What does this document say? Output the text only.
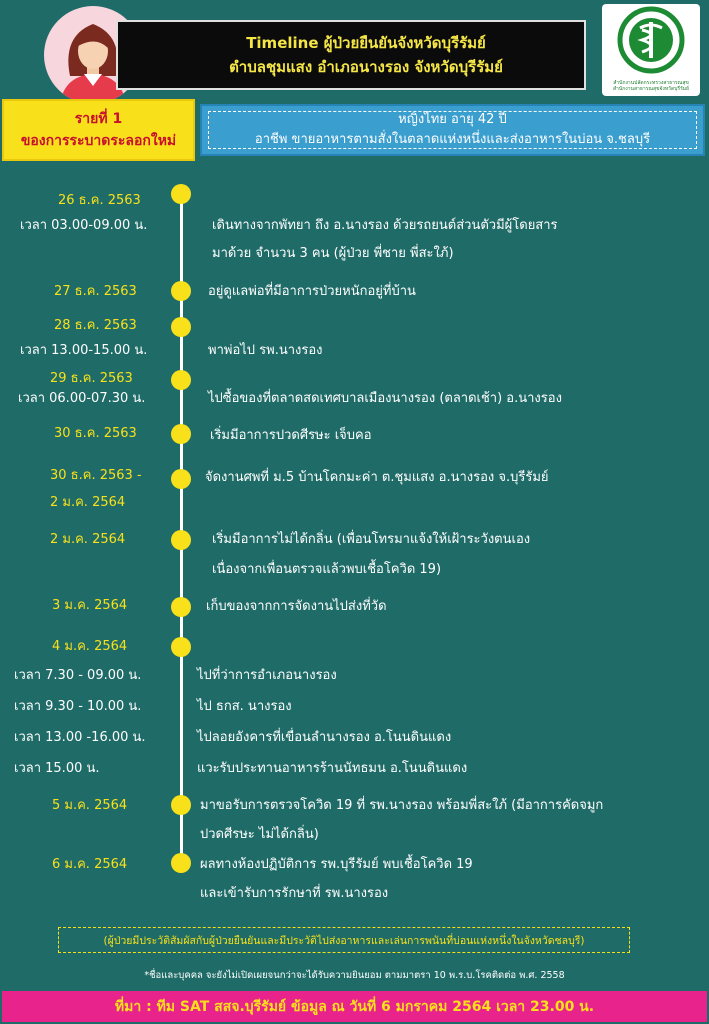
Timeline ผู้ป่วยยืนยันจังหวัดบุรีรัมย์
ตำบลชุมแสง อำเภอนางรอง จังหวัดบุรีรัมย์
สำนักงานปลัดกระทรวงสาธารณสุข
สำนักงานสาธารณสุขจังหวัดบุรีรัมย์
รายที่ 1
ของการระบาดระลอกใหม่
หญิงไทย อายุ 42 ปี
อาชีพ ขายอาหารตามสั่งในตลาดแห่งหนึ่งและส่งอาหารในบ่อน จ.ชลบุรี
26 ธ.ค. 2563
เวลา 03.00-09.00 น.	เดินทางจากพัทยา ถึง อ.นางรอง ด้วยรถยนต์ส่วนตัวมีผู้โดยสาร
มาด้วย จำนวน 3 คน (ผู้ป่วย พี่ชาย พี่สะใภ้)
27 ธ.ค. 2563	อยู่ดูแลพ่อที่มีอาการป่วยหนักอยู่ที่บ้าน
28 ธ.ค. 2563
เวลา 13.00-15.00 น.	พาพ่อไป รพ.นางรอง
29 ธ.ค. 2563
เวลา 06.00-07.30 น.	ไปซื้อของที่ตลาดสดเทศบาลเมืองนางรอง (ตลาดเช้า) อ.นางรอง
30 ธ.ค. 2563	เริ่มมีอาการปวดศีรษะ เจ็บคอ
30 ธ.ค. 2563 -
2 ม.ค. 2564
จัดงานศพที่ ม.5 บ้านโคกมะค่า ต.ชุมแสง อ.นางรอง จ.บุรีรัมย์
2 ม.ค. 2564	เริ่มมีอาการไม่ได้กลิ่น (เพื่อนโทรมาแจ้งให้เฝ้าระวังตนเอง
เนื่องจากเพื่อนตรวจแล้วพบเชื้อโควิด 19)
3 ม.ค. 2564	เก็บของจากการจัดงานไปส่งที่วัด
4 ม.ค. 2564
เวลา 7.30 - 09.00 น.	ไปที่ว่าการอำเภอนางรอง
เวลา 9.30 - 10.00 น.	ไป ธกส. นางรอง
เวลา 13.00 -16.00 น.	ไปลอยอังคารที่เขื่อนลำนางรอง อ.โนนดินแดง
เวลา 15.00 น.	แวะรับประทานอาหารร้านนัทธมน อ.โนนดินแดง
5 ม.ค. 2564	มาขอรับการตรวจโควิด 19 ที่ รพ.นางรอง พร้อมพี่สะใภ้ (มีอาการคัดจมูก
ปวดศีรษะ ไม่ได้กลิ่น)
6 ม.ค. 2564	ผลทางห้องปฏิบัติการ รพ.บุรีรัมย์ พบเชื้อโควิด 19
และเข้ารับการรักษาที่ รพ.นางรอง
(ผู้ป่วยมีประวัติสัมผัสกับผู้ป่วยยืนยันและมีประวัติไปส่งอาหารและเล่นการพนันที่บ่อนแห่งหนึ่งในจังหวัดชลบุรี)
*ชื่อและบุคคล จะยังไม่เปิดเผยจนกว่าจะได้รับความยินยอม ตามมาตรา 10 พ.ร.บ.โรคติดต่อ พ.ศ. 2558
ที่มา : ทีม SAT สสจ.บุรีรัมย์ ข้อมูล ณ วันที่ 6 มกราคม 2564 เวลา 23.00 น.
